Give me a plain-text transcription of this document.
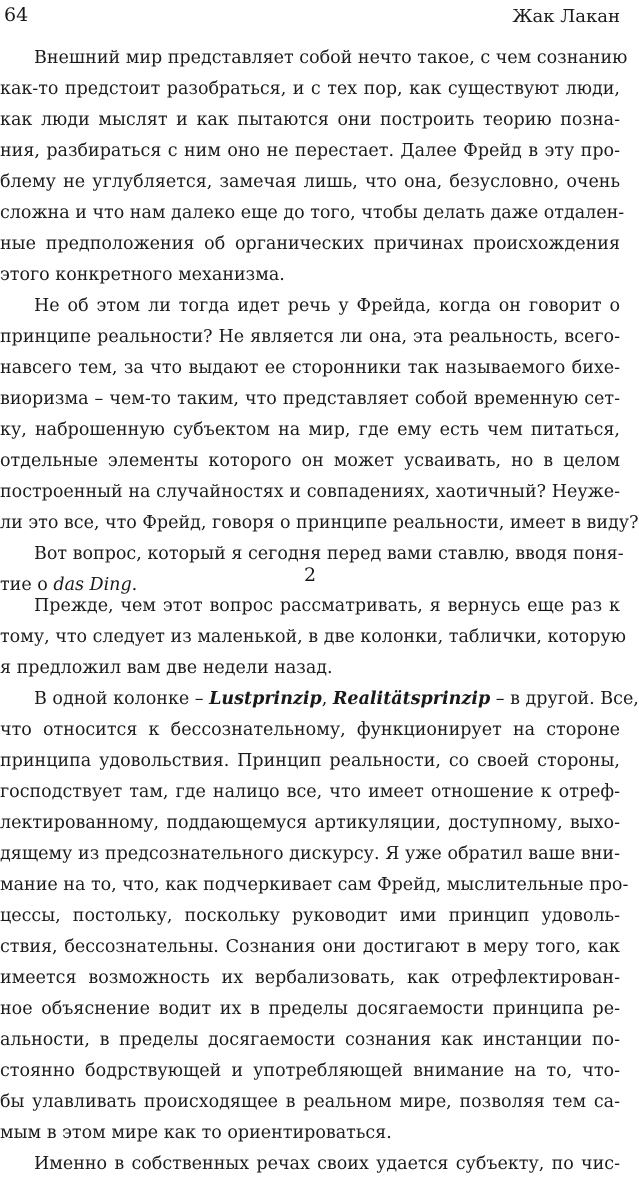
64	Жак Лакан
Внешний мир представляет собой нечто такое, с чем сознанию
как-то предстоит разобраться, и с тех пор, как существуют люди,
как люди мыслят и как пытаются они построить теорию позна-
ния, разбираться с ним оно не перестает. Далее Фрейд в эту про-
блему не углубляется, замечая лишь, что она, безусловно, очень
сложна и что нам далеко еще до того, чтобы делать даже отдален-
ные предположения об органических причинах происхождения
этого конкретного механизма.
Не об этом ли тогда идет речь у Фрейда, когда он говорит о
принципе реальности? Не является ли она, эта реальность, всего-
навсего тем, за что выдают ее сторонники так называемого бихе-
виоризма – чем-то таким, что представляет собой временную сет-
ку, наброшенную субъектом на мир, где ему есть чем питаться,
отдельные элементы которого он может усваивать, но в целом
построенный на случайностях и совпадениях, хаотичный? Неуже-
ли это все, что Фрейд, говоря о принципе реальности, имеет в виду?
Вот вопрос, который я сегодня перед вами ставлю, вводя поня-
тие о das Ding.	2
Прежде, чем этот вопрос рассматривать, я вернусь еще раз к
тому, что следует из маленькой, в две колонки, таблички, которую
я предложил вам две недели назад.
В одной колонке – Lustprinzip, Realitätsprinzip – в другой. Все,
что относится к бессознательному, функционирует на стороне
принципа удовольствия. Принцип реальности, со своей стороны,
господствует там, где налицо все, что имеет отношение к отреф-
лектированному, поддающемуся артикуляции, доступному, выхо-
дящему из предсознательного дискурсу. Я уже обратил ваше вни-
мание на то, что, как подчеркивает сам Фрейд, мыслительные про-
цессы, постольку, поскольку руководит ими принцип удоволь-
ствия, бессознательны. Сознания они достигают в меру того, как
имеется возможность их вербализовать, как отрефлектирован-
ное объяснение водит их в пределы досягаемости принципа ре-
альности, в пределы досягаемости сознания как инстанции по-
стоянно бодрствующей и употребляющей внимание на то, что-
бы улавливать происходящее в реальном мире, позволяя тем са-
мым в этом мире как то ориентироваться.
Именно в собственных речах своих удается субъекту, по чис-
